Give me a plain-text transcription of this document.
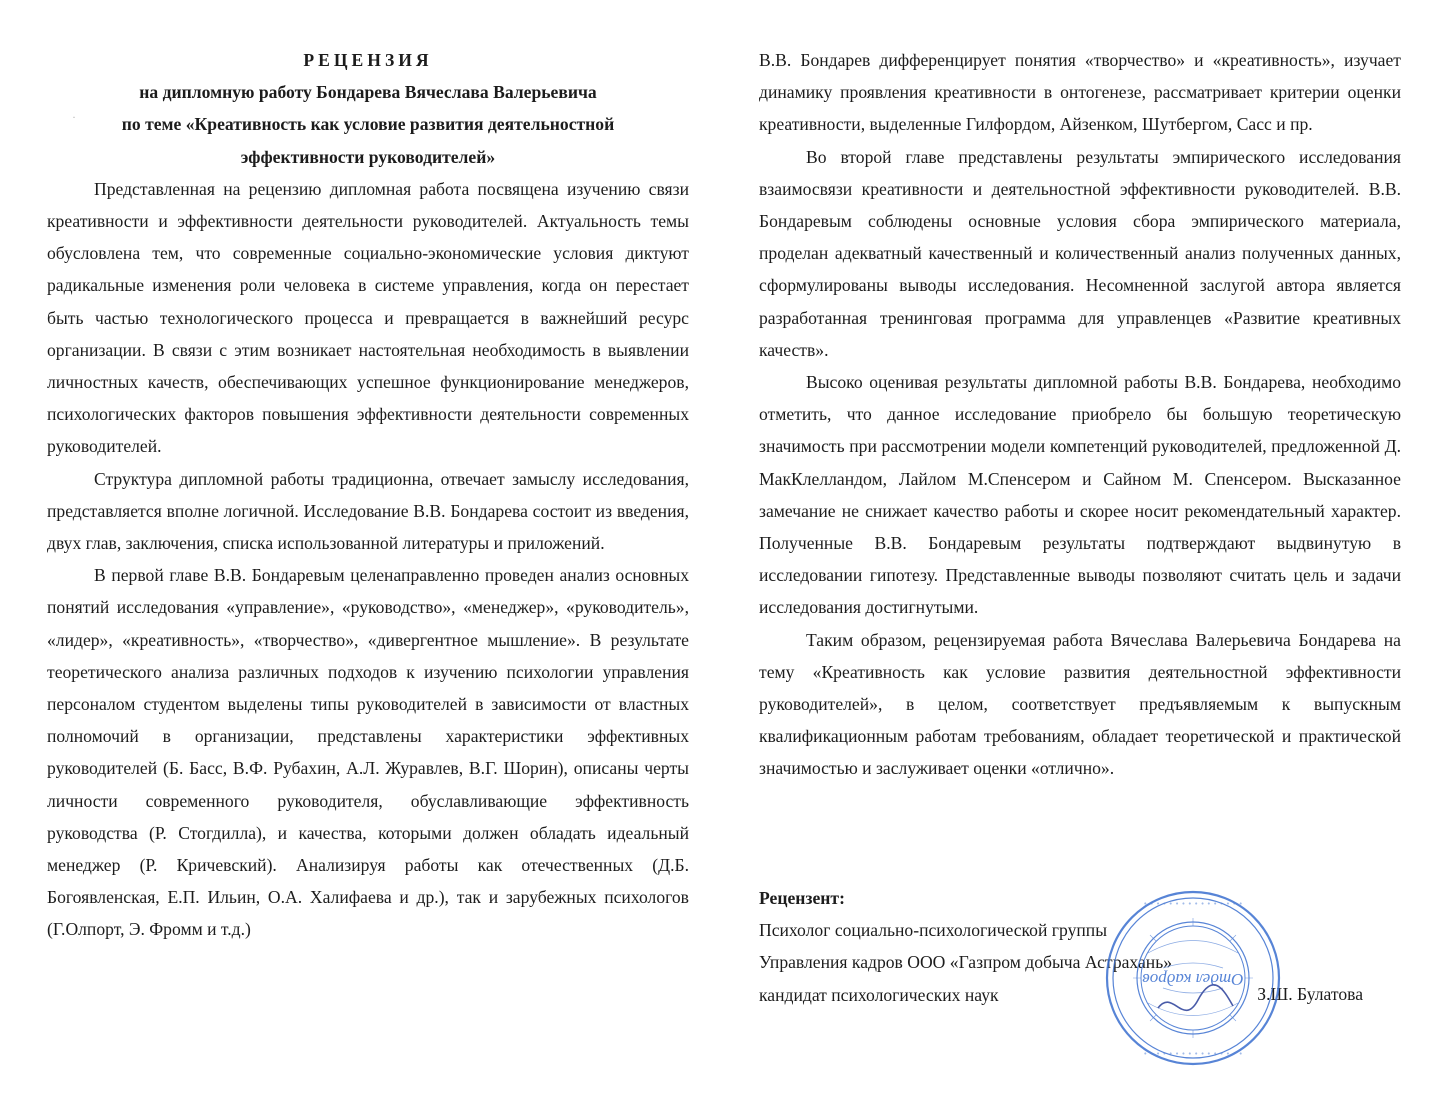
РЕЦЕНЗИЯ

на дипломную работу Бондарева Вячеслава Валерьевича

по теме «Креативность как условие развития деятельностной

эффективности руководителей»

Представленная на рецензию дипломная работа посвящена изучению связи креативности и эффективности деятельности руководителей. Актуальность темы обусловлена тем, что современные социально-экономические условия диктуют радикальные изменения роли человека в системе управления, когда он перестает быть частью технологического процесса и превращается в важнейший ресурс организации. В связи с этим возникает настоятельная необходимость в выявлении личностных качеств, обеспечивающих успешное функционирование менеджеров, психологических факторов повышения эффективности деятельности современных руководителей.

Структура дипломной работы традиционна, отвечает замыслу исследования, представляется вполне логичной. Исследование В.В. Бондарева состоит из введения, двух глав, заключения, списка использованной литературы и приложений.

В первой главе В.В. Бондаревым целенаправленно проведен анализ основных понятий исследования «управление», «руководство», «менеджер», «руководитель», «лидер», «креативность», «творчество», «дивергентное мышление». В результате теоретического анализа различных подходов к изучению психологии управления персоналом студентом выделены типы руководителей в зависимости от властных полномочий в организации, представлены характеристики эффективных руководителей (Б. Басс, В.Ф. Рубахин, А.Л. Журавлев, В.Г. Шорин), описаны черты личности современного руководителя, обуславливающие эффективность руководства (Р. Стогдилла), и качества, которыми должен обладать идеальный менеджер (Р. Кричевский). Анализируя работы как отечественных (Д.Б. Богоявленская, Е.П. Ильин, О.А. Халифаева и др.), так и зарубежных психологов (Г.Олпорт, Э. Фромм и т.д.)

В.В. Бондарев дифференцирует понятия «творчество» и «креативность», изучает динамику проявления креативности в онтогенезе, рассматривает критерии оценки креативности, выделенные Гилфордом, Айзенком, Шутбергом, Сасс и пр.

Во второй главе представлены результаты эмпирического исследования взаимосвязи креативности и деятельностной эффективности руководителей. В.В. Бондаревым соблюдены основные условия сбора эмпирического материала, проделан адекватный качественный и количественный анализ полученных данных, сформулированы выводы исследования. Несомненной заслугой автора является разработанная тренинговая программа для управленцев «Развитие креативных качеств».

Высоко оценивая результаты дипломной работы В.В. Бондарева, необходимо отметить, что данное исследование приобрело бы большую теоретическую значимость при рассмотрении модели компетенций руководителей, предложенной Д. МакКлелландом, Лайлом М.Спенсером и Сайном М. Спенсером. Высказанное замечание не снижает качество работы и скорее носит рекомендательный характер. Полученные В.В. Бондаревым результаты подтверждают выдвинутую в исследовании гипотезу. Представленные выводы позволяют считать цель и задачи исследования достигнутыми.

Таким образом, рецензируемая работа Вячеслава Валерьевича Бондарева на тему «Креативность как условие развития деятельностной эффективности руководителей», в целом, соответствует предъявляемым к выпускным квалификационным работам требованиям, обладает теоретической и практической значимостью и заслуживает оценки «отлично».

Рецензент:
Психолог социально-психологической группы
Управления кадров ООО «Газпром добыча Астрахань»
кандидат психологических наук	З.Ш. Булатова
• • • • • • • • • • • • • • • •
• • • • • • • • • • • • • • • •
Отдел кадров
·
